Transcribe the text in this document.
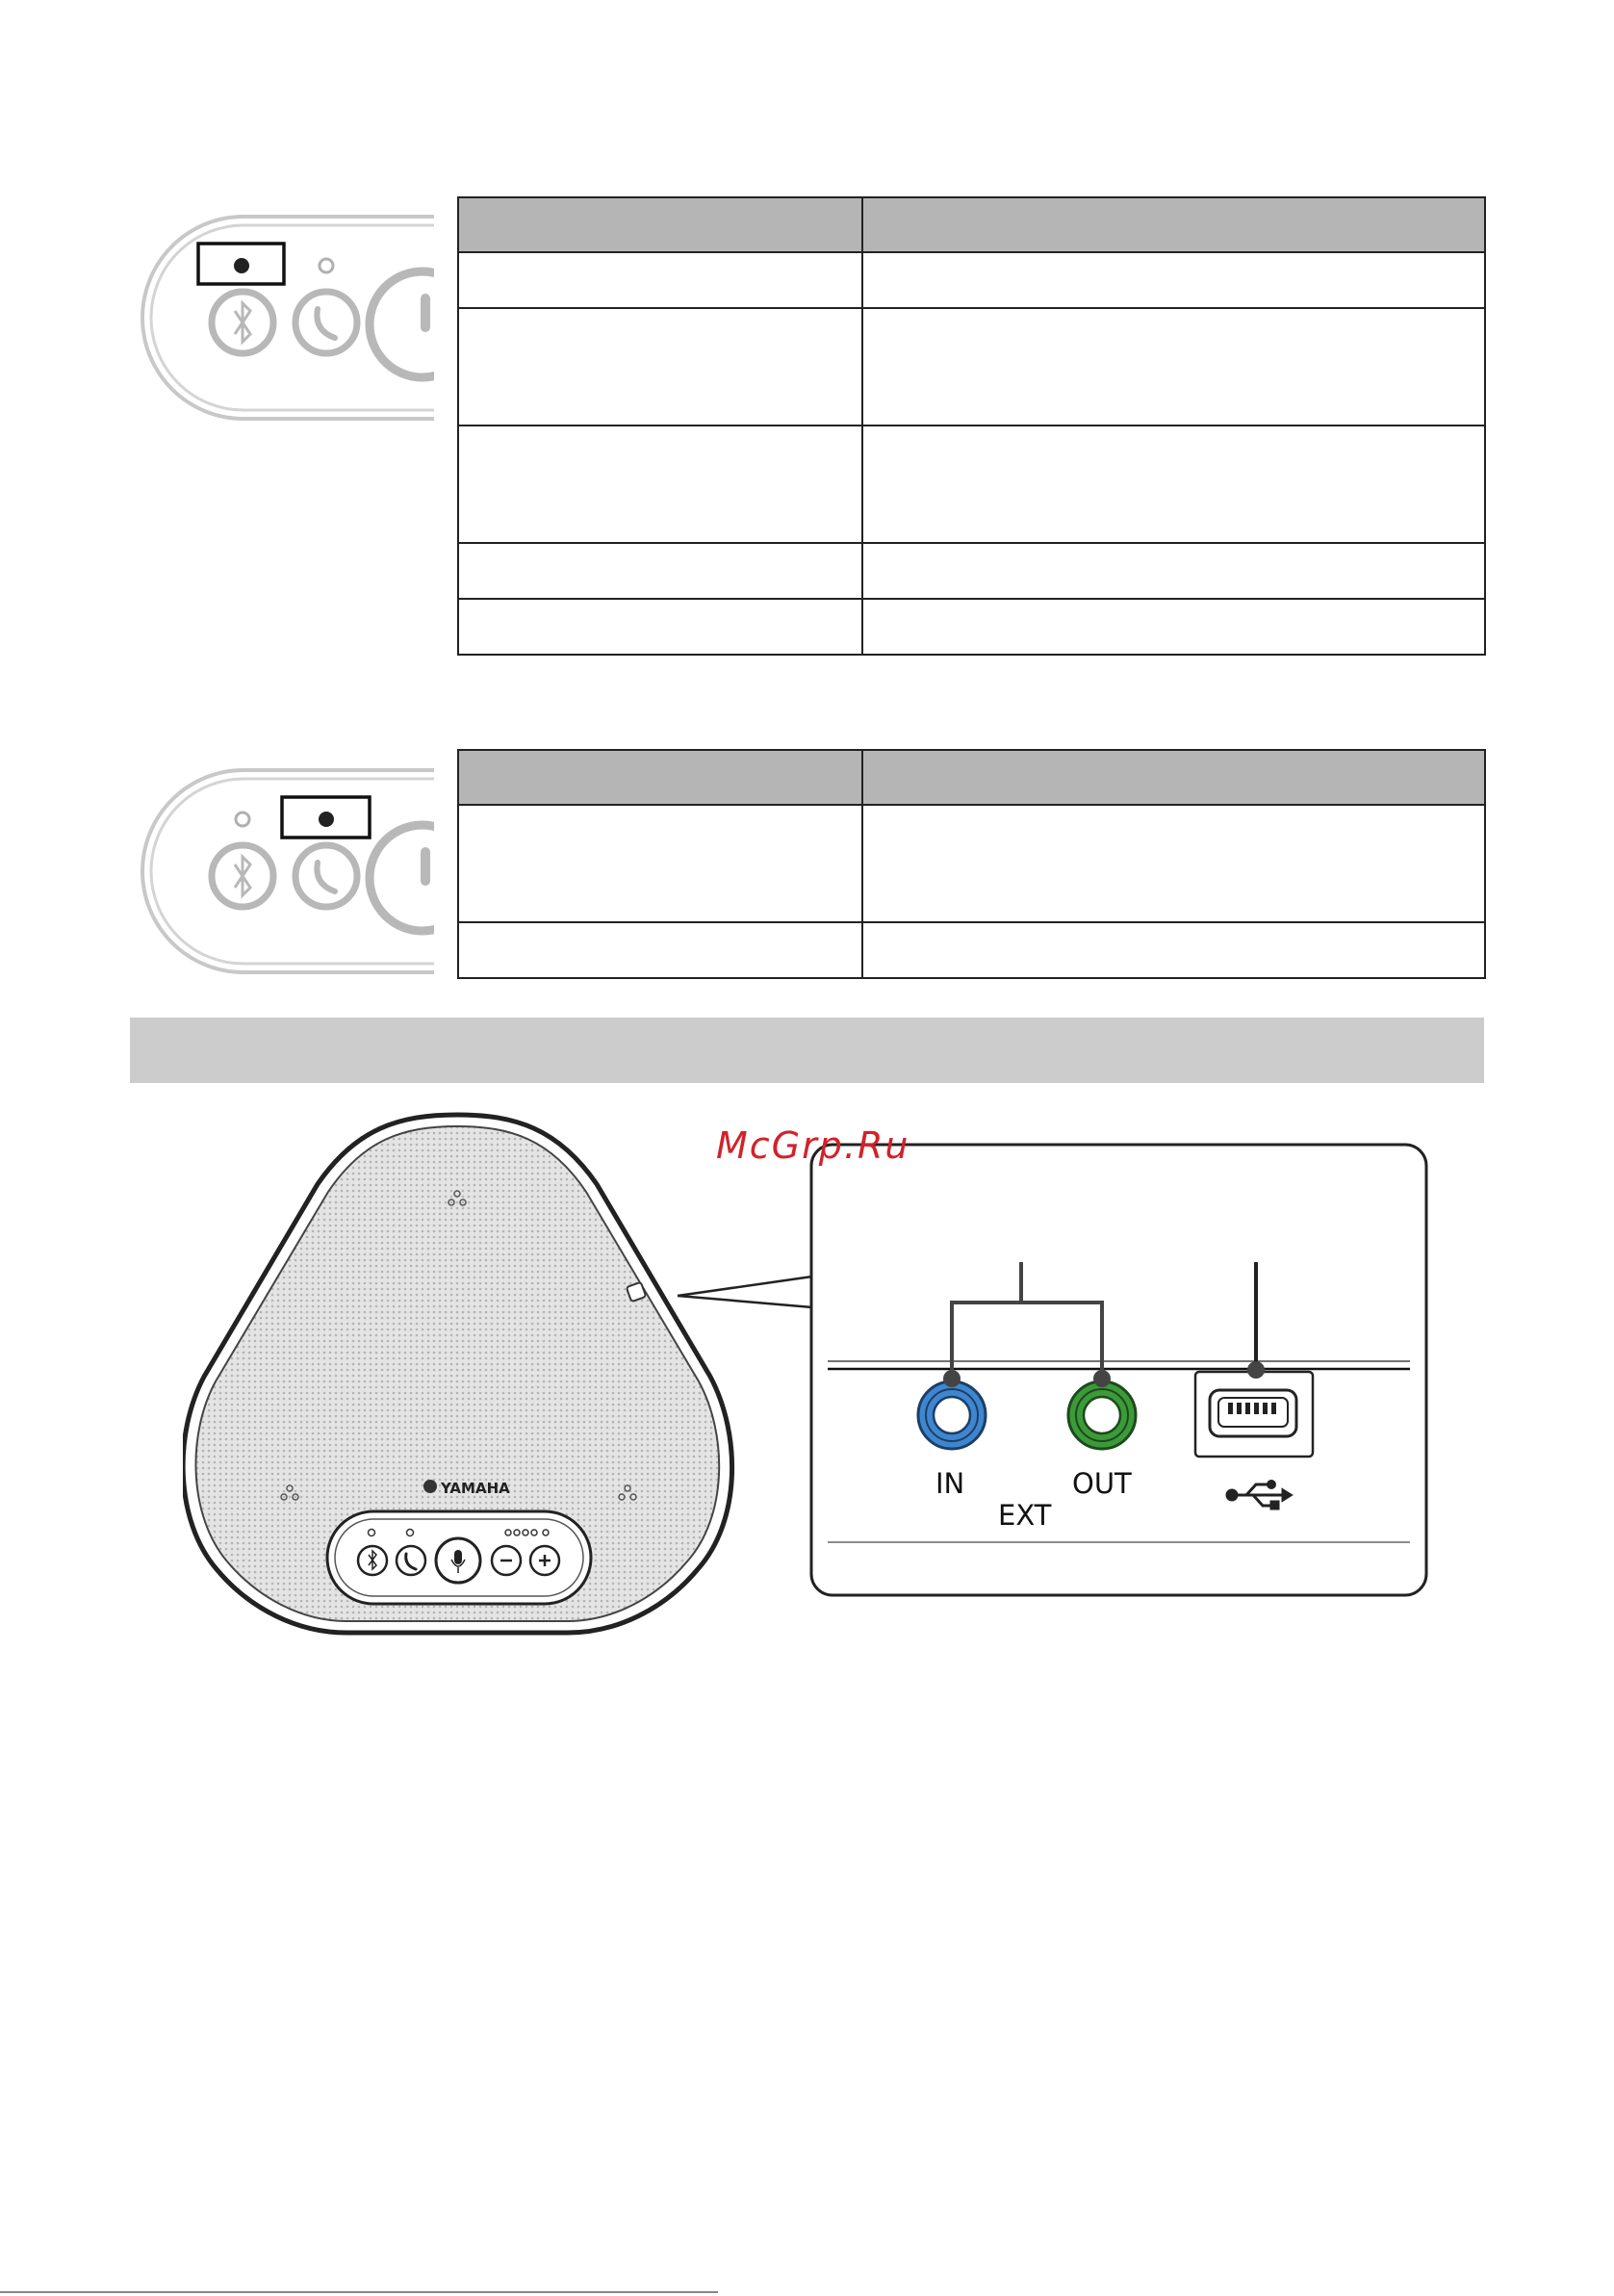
YAMAHA	IN	OUT
EXT
McGrp.Ru
